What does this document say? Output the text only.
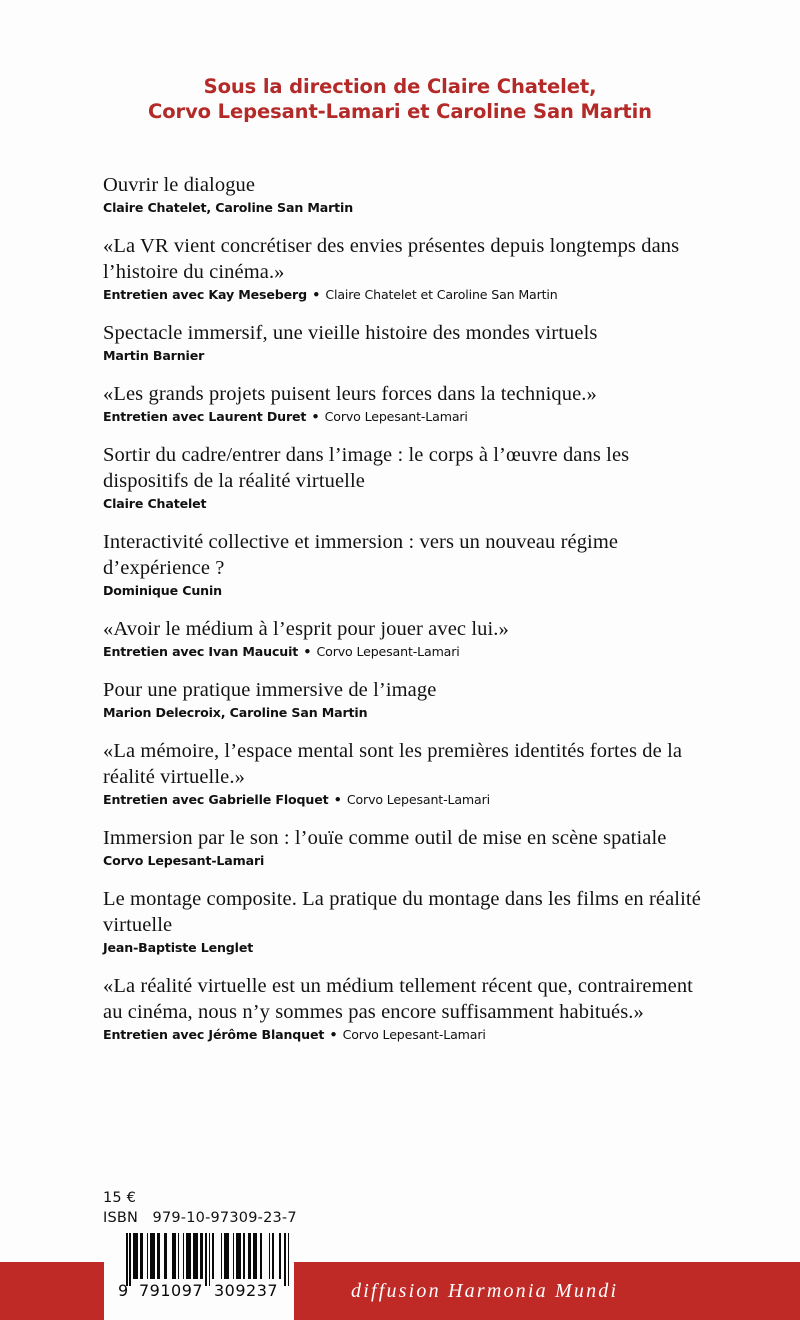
Sous la direction de Claire Chatelet,
Corvo Lepesant-Lamari et Caroline San Martin
Ouvrir le dialogue
Claire Chatelet, Caroline San Martin
«La VR vient concrétiser des envies présentes depuis longtemps dans l’histoire du cinéma.»
Entretien avec Kay Meseberg • Claire Chatelet et Caroline San Martin
Spectacle immersif, une vieille histoire des mondes virtuels
Martin Barnier
«Les grands projets puisent leurs forces dans la technique.»
Entretien avec Laurent Duret • Corvo Lepesant-Lamari
Sortir du cadre/entrer dans l’image : le corps à l’œuvre dans les dispositifs de la réalité virtuelle
Claire Chatelet
Interactivité collective et immersion : vers un nouveau régime d’expérience ?
Dominique Cunin
«Avoir le médium à l’esprit pour jouer avec lui.»
Entretien avec Ivan Maucuit • Corvo Lepesant-Lamari
Pour une pratique immersive de l’image
Marion Delecroix, Caroline San Martin
«La mémoire, l’espace mental sont les premières identités fortes de la réalité virtuelle.»
Entretien avec Gabrielle Floquet • Corvo Lepesant-Lamari
Immersion par le son : l’ouïe comme outil de mise en scène spatiale
Corvo Lepesant-Lamari
Le montage composite. La pratique du montage dans les films en réalité virtuelle
Jean-Baptiste Lenglet
«La réalité virtuelle est un médium tellement récent que, contrairement au cinéma, nous n’y sommes pas encore suffisamment habitués.»
Entretien avec Jérôme Blanquet • Corvo Lepesant-Lamari
15 €
ISBN 979-10-97309-23-7
9 791097 309237	diffusion Harmonia Mundi
